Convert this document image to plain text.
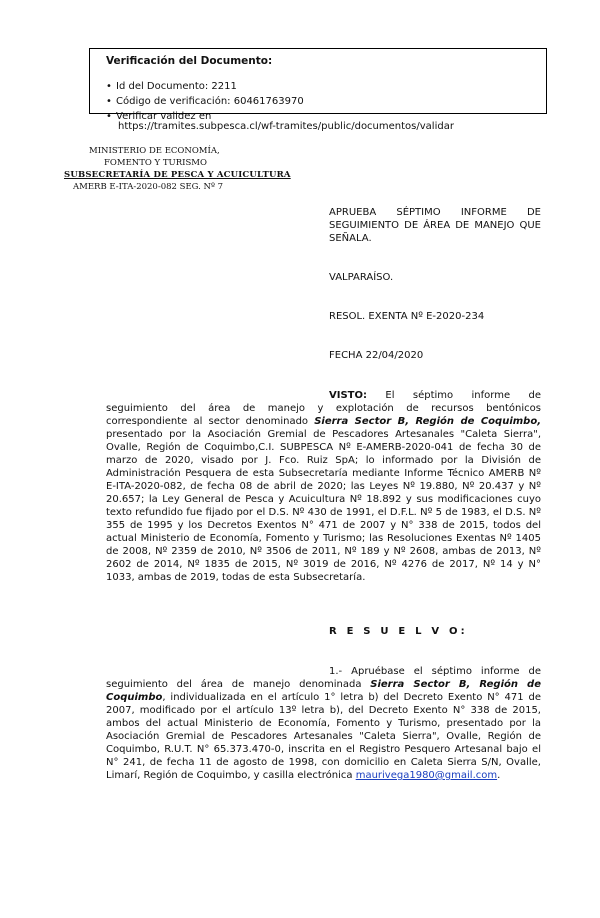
Verificación del Documento:
• Id del Documento: 2211
• Código de verificación: 60461763970
• Verificar validez en
https://tramites.subpesca.cl/wf-tramites/public/documentos/validar
MINISTERIO DE ECONOMÍA,
FOMENTO Y TURISMO
SUBSECRETARÍA DE PESCA Y ACUICULTURA
AMERB E-ITA-2020-082 SEG. Nº 7
APRUEBA SÉPTIMO INFORME DE SEGUIMIENTO DE ÁREA DE MANEJO QUE SEÑALA.
VALPARAÍSO.
RESOL. EXENTA Nº E-2020-234
FECHA 22/04/2020
VISTO: El séptimo informe de seguimiento del área de manejo y explotación de recursos bentónicos correspondiente al sector denominado Sierra Sector B, Región de Coquimbo, presentado por la Asociación Gremial de Pescadores Artesanales "Caleta Sierra", Ovalle, Región de Coquimbo,C.I. SUBPESCA Nº E-AMERB-2020-041 de fecha 30 de marzo de 2020, visado por J. Fco. Ruiz SpA; lo informado por la División de Administración Pesquera de esta Subsecretaría mediante Informe Técnico AMERB Nº E-ITA-2020-082, de fecha 08 de abril de 2020; las Leyes Nº 19.880, Nº 20.437 y Nº 20.657; la Ley General de Pesca y Acuicultura Nº 18.892 y sus modificaciones cuyo texto refundido fue fijado por el D.S. Nº 430 de 1991, el D.F.L. Nº 5 de 1983, el D.S. Nº 355 de 1995 y los Decretos Exentos N° 471 de 2007 y N° 338 de 2015, todos del actual Ministerio de Economía, Fomento y Turismo; las Resoluciones Exentas Nº 1405 de 2008, Nº 2359 de 2010, Nº 3506 de 2011, Nº 189 y Nº 2608, ambas de 2013, Nº 2602 de 2014, Nº 1835 de 2015, Nº 3019 de 2016, Nº 4276 de 2017, Nº 14 y N° 1033, ambas de 2019, todas de esta Subsecretaría.
R E S U E L V O:
1.- Apruébase el séptimo informe de seguimiento del área de manejo denominada Sierra Sector B, Región de Coquimbo, individualizada en el artículo 1° letra b) del Decreto Exento N° 471 de 2007, modificado por el artículo 13º letra b), del Decreto Exento N° 338 de 2015, ambos del actual Ministerio de Economía, Fomento y Turismo, presentado por la Asociación Gremial de Pescadores Artesanales "Caleta Sierra", Ovalle, Región de Coquimbo, R.U.T. N° 65.373.470-0, inscrita en el Registro Pesquero Artesanal bajo el N° 241, de fecha 11 de agosto de 1998, con domicilio en Caleta Sierra S/N, Ovalle, Limarí, Región de Coquimbo, y casilla electrónica maurivega1980@gmail.com.
